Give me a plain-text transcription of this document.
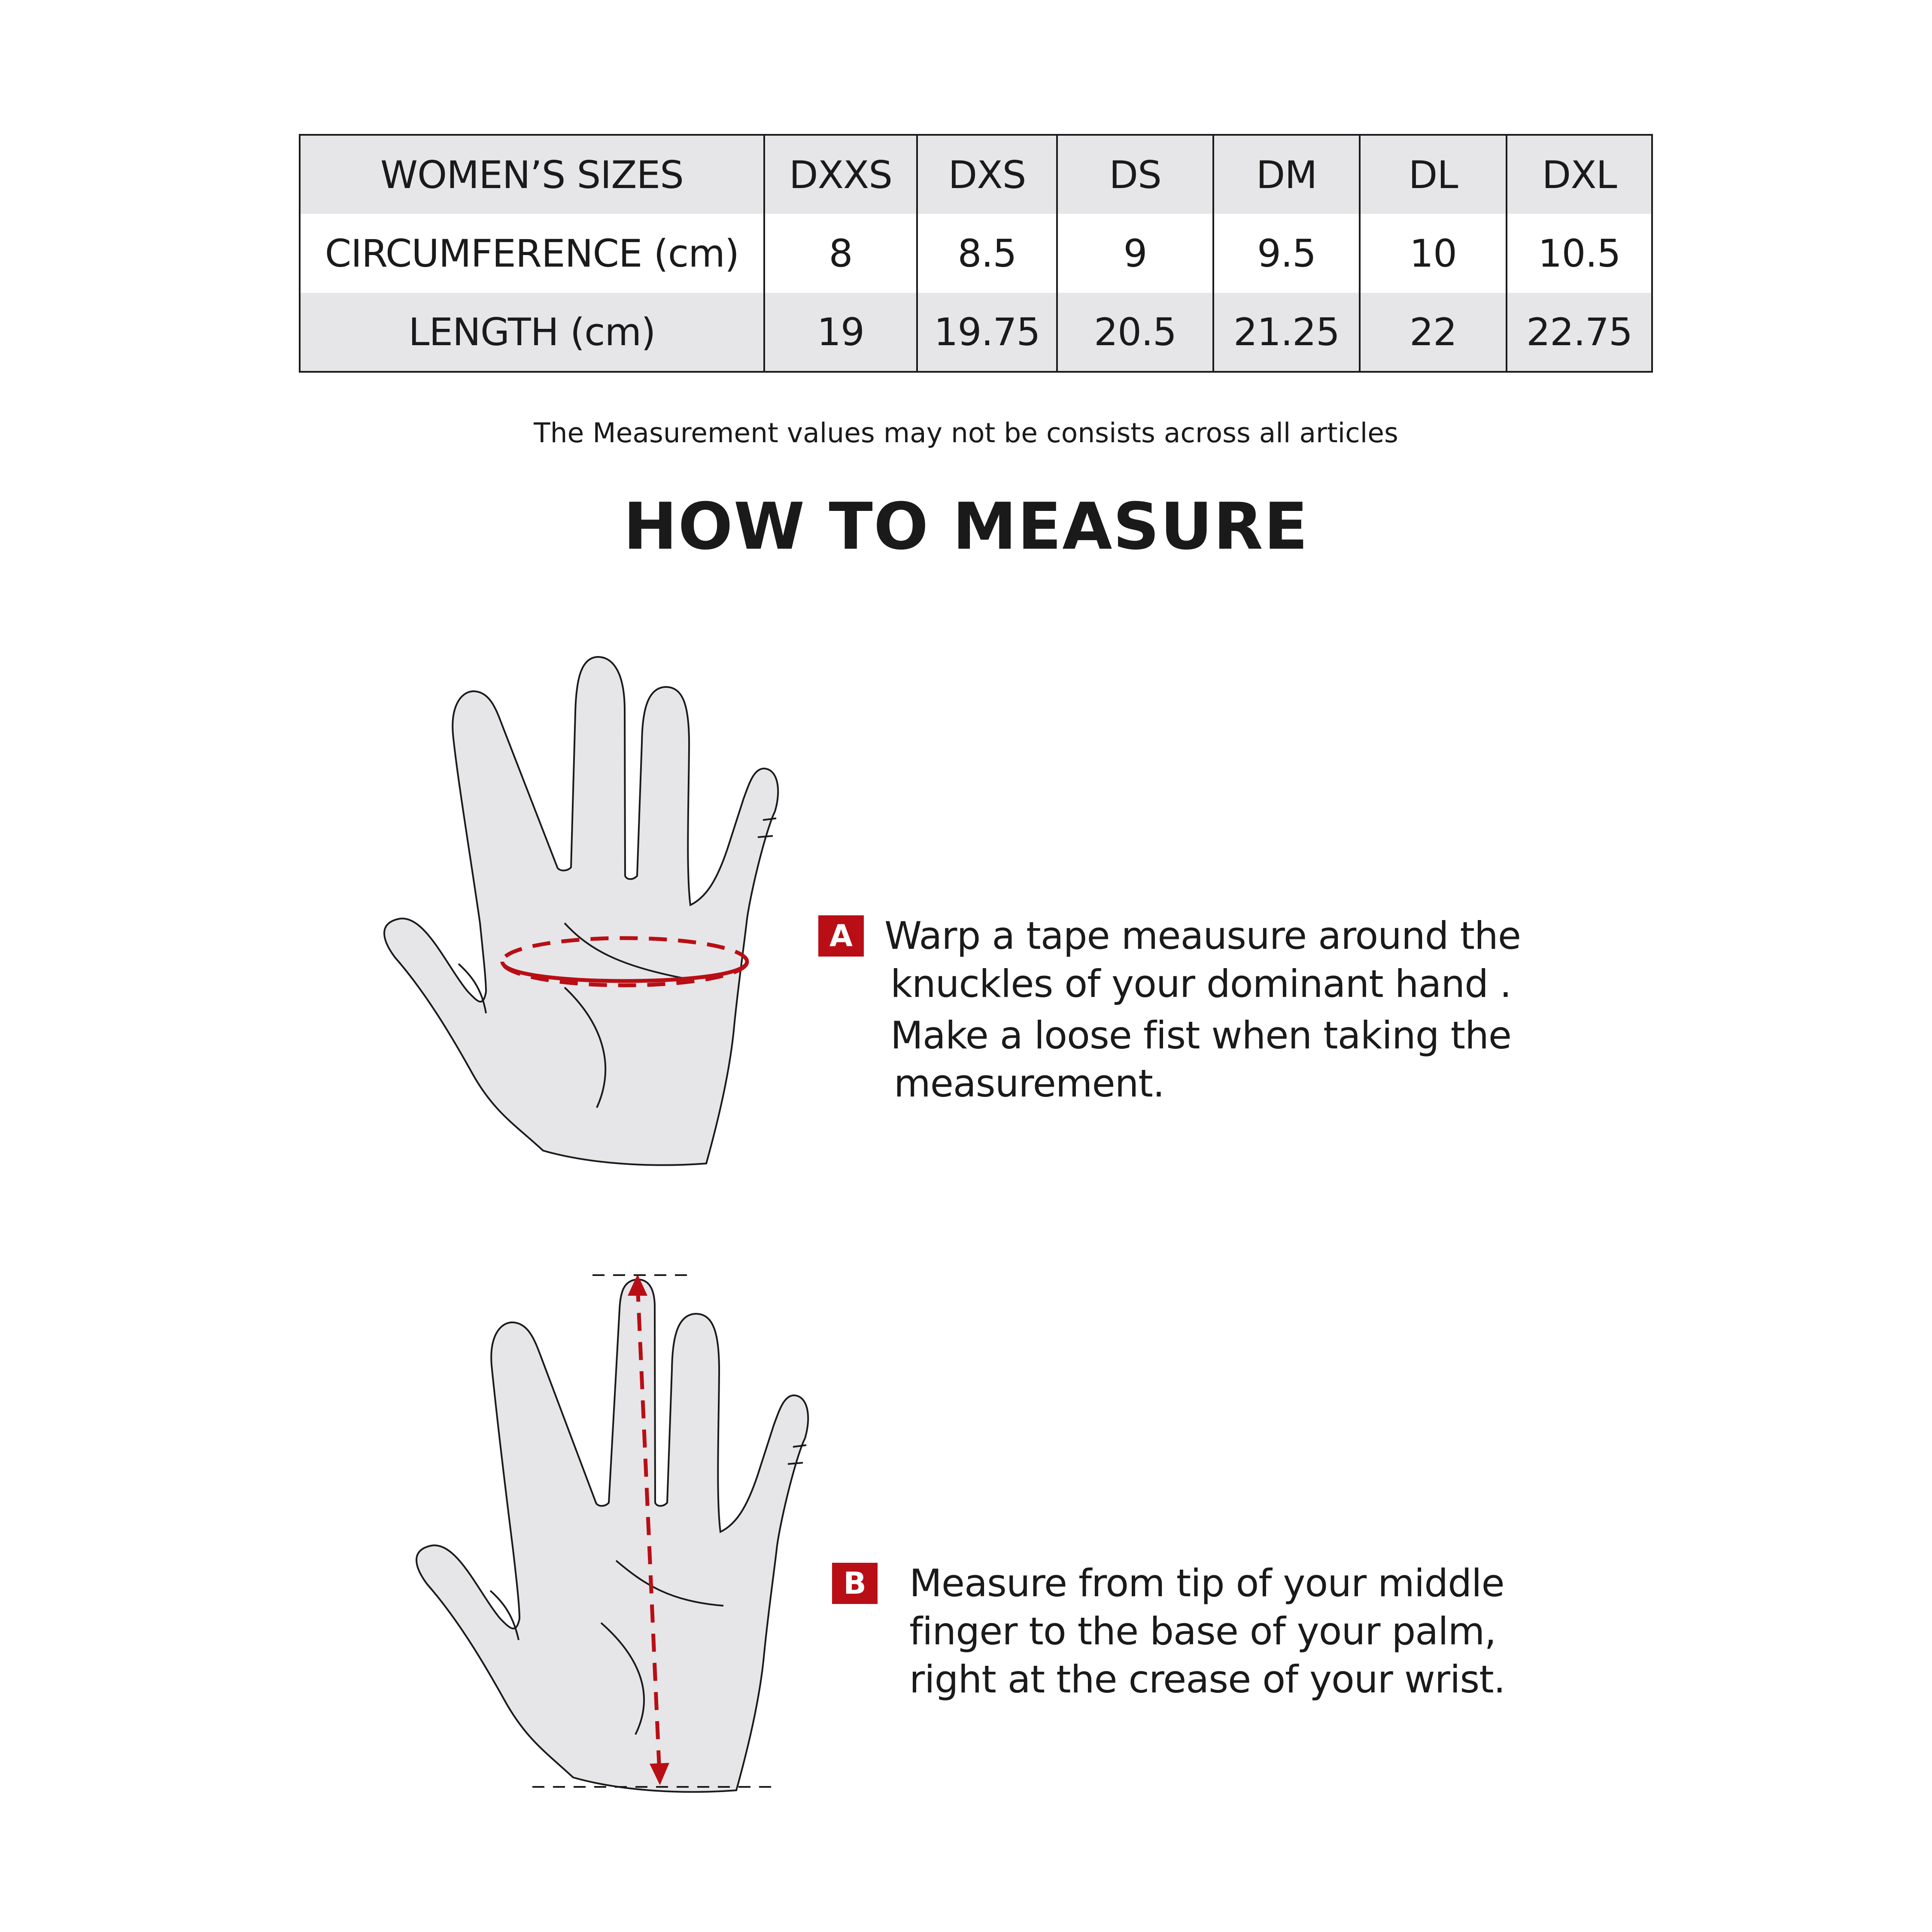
WOMEN’S SIZES	DXXS	DXS	DS	DM	DL	DXL
CIRCUMFERENCE (cm)	8	8.5	9	9.5	10	10.5
LENGTH (cm)	19	19.75	20.5	21.25	22	22.75
The Measurement values may not be consists across all articles
HOW TO MEASURE
A Warp a tape meausure around the
knuckles of your dominant hand .
Make a loose fist when taking the
measurement.
B Measure from tip of your middle
finger to the base of your palm,
right at the crease of your wrist.
